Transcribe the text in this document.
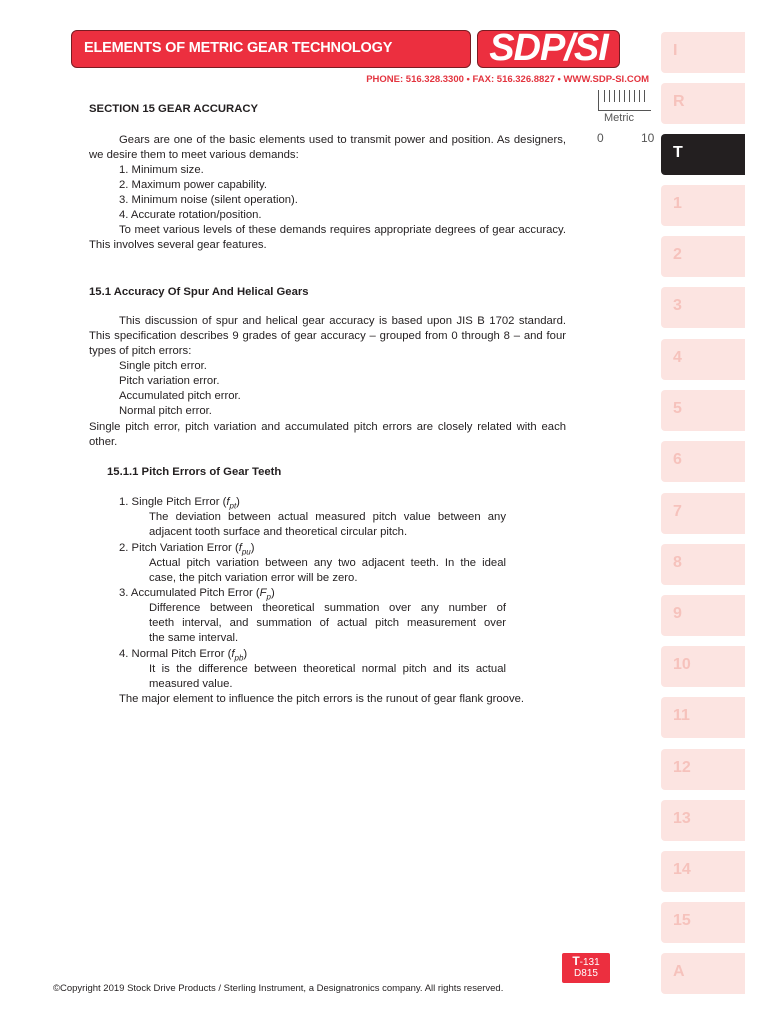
ELEMENTS OF METRIC GEAR TECHNOLOGY	SDP/SI
PHONE: 516.328.3300 • FAX: 516.326.8827 • WWW.SDP-SI.COM
Metric
0	10
I
R
T
1
2
3
4
5
6
7
8
9
10
11
12
13
14
15
A
SECTION 15 GEAR ACCURACY
Gears are one of the basic elements used to transmit power and position. As designers, we desire them to meet various demands:
1. Minimum size.
2. Maximum power capability.
3. Minimum noise (silent operation).
4. Accurate rotation/position.
To meet various levels of these demands requires appropriate degrees of gear accuracy. This involves several gear features.
15.1 Accuracy Of Spur And Helical Gears
This discussion of spur and helical gear accuracy is based upon JIS B 1702 standard. This specification describes 9 grades of gear accuracy – grouped from 0 through 8 – and four types of pitch errors:
Single pitch error.
Pitch variation error.
Accumulated pitch error.
Normal pitch error.
Single pitch error, pitch variation and accumulated pitch errors are closely related with each other.
15.1.1 Pitch Errors of Gear Teeth
1. Single Pitch Error $(f_{pt})$
The deviation between actual measured pitch value between any
adjacent tooth surface and theoretical circular pitch.
2. Pitch Variation Error $(f_{pu})$
Actual pitch variation between any two adjacent teeth. In the ideal
case, the pitch variation error will be zero.
3. Accumulated Pitch Error $(F_p)$
Difference between theoretical summation over any number of
teeth interval, and summation of actual pitch measurement over
the same interval.
4. Normal Pitch Error $(f_{pb})$
It is the difference between theoretical normal pitch and its actual
measured value.
The major element to influence the pitch errors is the runout of gear flank groove.
T-131
D815
©Copyright 2019 Stock Drive Products / Sterling Instrument, a Designatronics company. All rights reserved.
